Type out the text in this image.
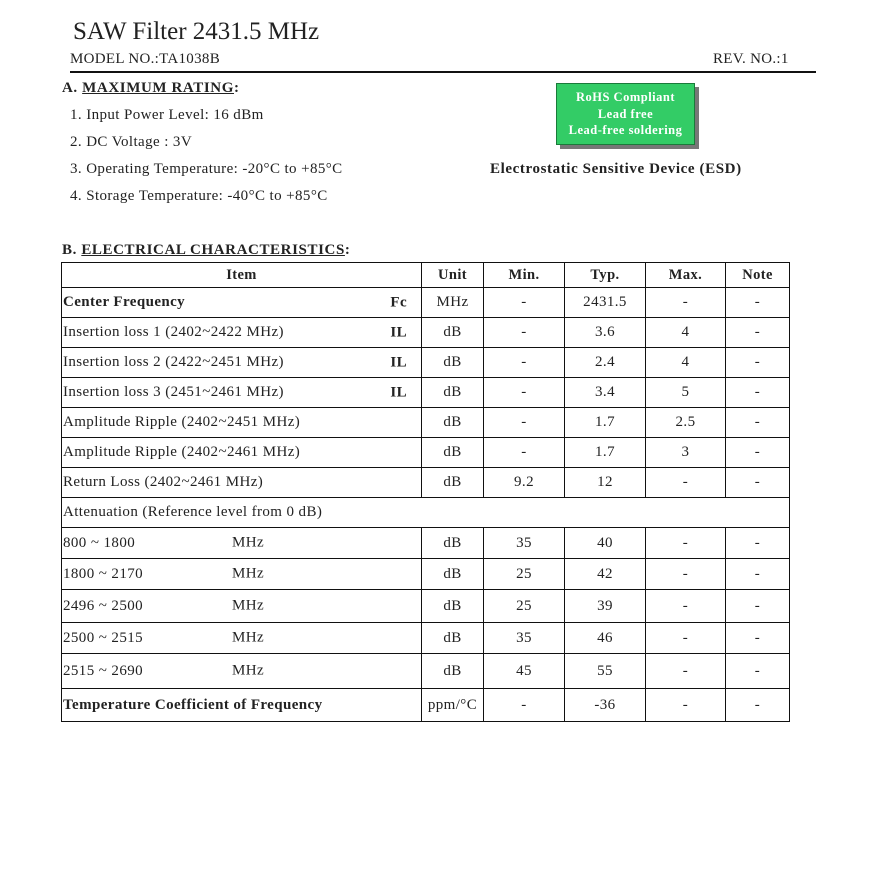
SAW Filter 2431.5 MHz
MODEL NO.:TA1038B	REV. NO.:1
A. MAXIMUM RATING:
1. Input Power Level: 16 dBm
2. DC Voltage : 3V
3. Operating Temperature: -20°C to +85°C
4. Storage Temperature: -40°C to +85°C
RoHS Compliant
Lead free
Lead-free soldering
Electrostatic Sensitive Device (ESD)
B. ELECTRICAL CHARACTERISTICS:
Item	Unit	Min.	Typ.	Max.	Note
Center Frequency Fc	MHz	-	2431.5	-	-
Insertion loss 1 (2402~2422 MHz) IL	dB	-	3.6	4	-
Insertion loss 2 (2422~2451 MHz) IL	dB	-	2.4	4	-
Insertion loss 3 (2451~2461 MHz) IL	dB	-	3.4	5	-
Amplitude Ripple (2402~2451 MHz)	dB	-	1.7	2.5	-
Amplitude Ripple (2402~2461 MHz)	dB	-	1.7	3	-
Return Loss (2402~2461 MHz)	dB	9.2	12	-	-
Attenuation (Reference level from 0 dB)					
800 ~ 1800 MHz	dB	35	40	-	-
1800 ~ 2170 MHz	dB	25	42	-	-
2496 ~ 2500 MHz	dB	25	39	-	-
2500 ~ 2515 MHz	dB	35	46	-	-
2515 ~ 2690 MHz	dB	45	55	-	-
Temperature Coefficient of Frequency	ppm/°C	-	-36	-	-
